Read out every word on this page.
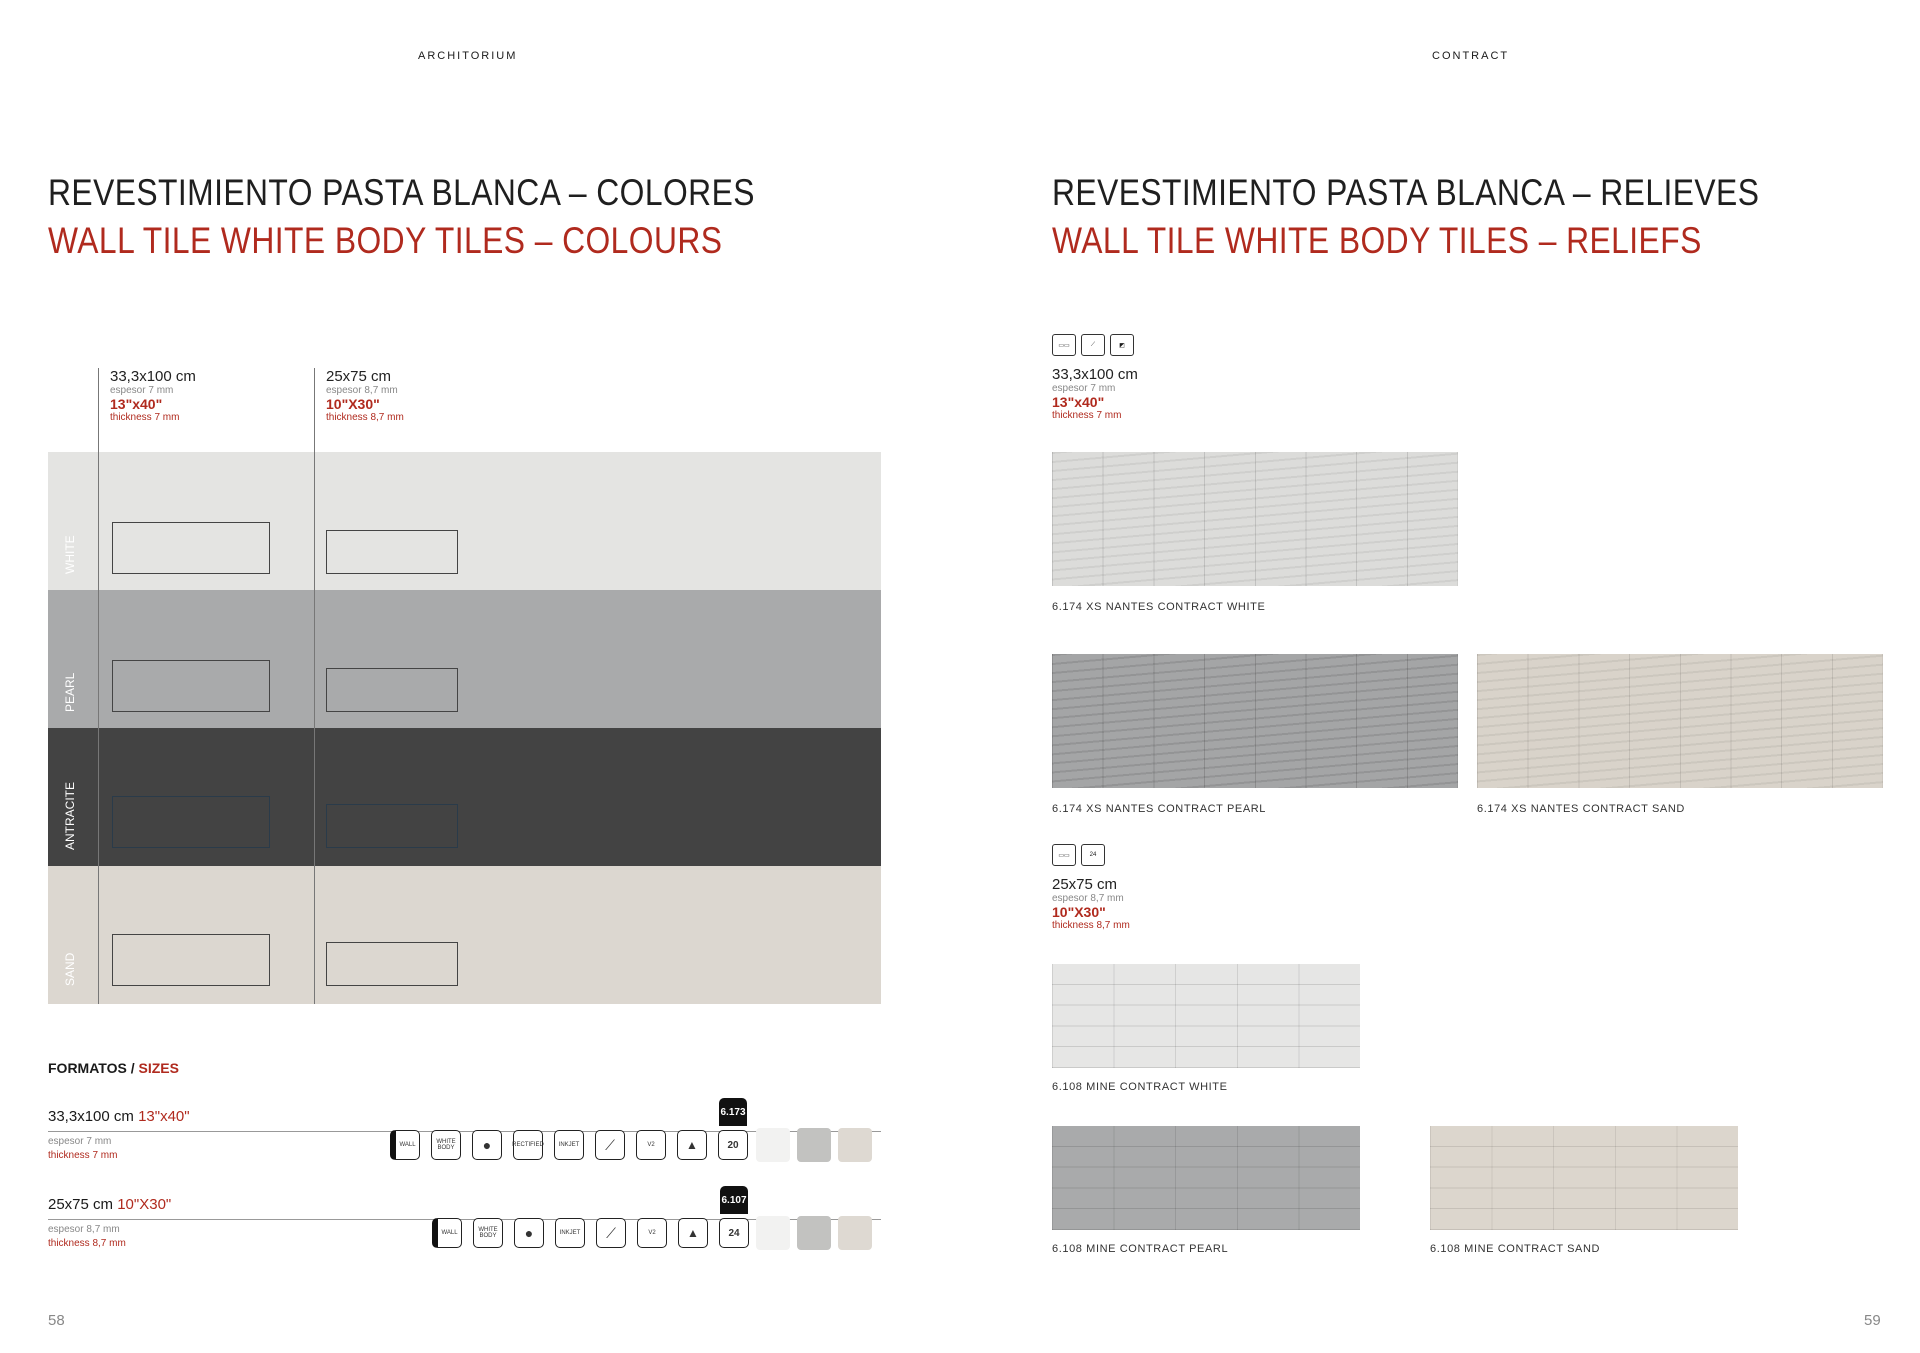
ARCHITORIUM
REVESTIMIENTO PASTA BLANCA – COLORES
WALL TILE WHITE BODY TILES – COLOURS
33,3x100 cm
espesor 7 mm
13"x40"
thickness 7 mm
25x75 cm
espesor 8,7 mm
10"X30"
thickness 8,7 mm
WHITE
PEARL
ANTRACITE
SAND
FORMATOS / SIZES
33,3x100 cm 13"x40"
espesor 7 mm
thickness 7 mm
WALL	WHITE BODY	●	RECTIFIED	INKJET	⟋	V2	▲
6.173
20
25x75 cm 10"X30"
espesor 8,7 mm
thickness 8,7 mm
WALL	WHITE BODY	●	INKJET	⟋	V2	▲
6.107
24
58
CONTRACT
REVESTIMIENTO PASTA BLANCA – RELIEVES
WALL TILE WHITE BODY TILES – RELIEFS
▭▭	⟋	◩
33,3x100 cm
espesor 7 mm
13"x40"
thickness 7 mm
6.174 XS NANTES CONTRACT WHITE
6.174 XS NANTES CONTRACT PEARL	6.174 XS NANTES CONTRACT SAND
▭▭	24
25x75 cm
espesor 8,7 mm
10"X30"
thickness 8,7 mm
6.108 MINE CONTRACT WHITE
6.108 MINE CONTRACT PEARL	6.108 MINE CONTRACT SAND
59
